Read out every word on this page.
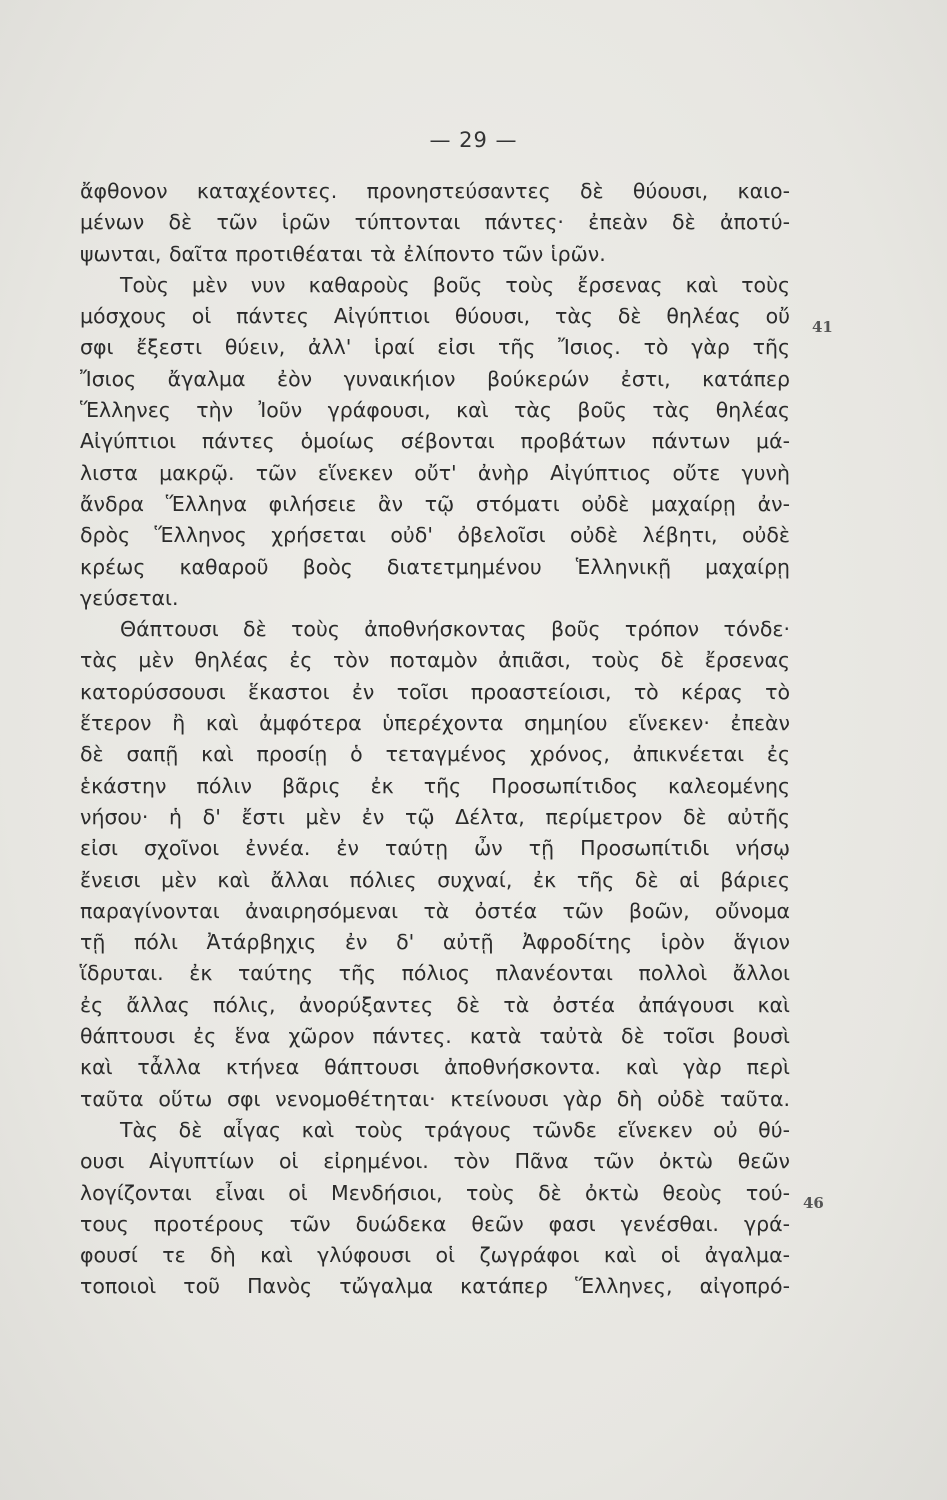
— 29 —
41
46
ἄφθονον καταχέοντες. προνηστεύσαντες δὲ θύουσι, καιο-
μένων δὲ τῶν ἱρῶν τύπτονται πάντες· ἐπεὰν δὲ ἀποτύ-
ψωνται, δαῖτα προτιθέαται τὰ ἐλίποντο τῶν ἱρῶν.
Τοὺς μὲν νυν καθαροὺς βοῦς τοὺς ἔρσενας καὶ τοὺς
μόσχους οἱ πάντες Αἰγύπτιοι θύουσι, τὰς δὲ θηλέας οὔ
σφι ἔξεστι θύειν, ἀλλ' ἱραί εἰσι τῆς Ἴσιος. τὸ γὰρ τῆς
Ἴσιος ἄγαλμα ἐὸν γυναικήιον βούκερών ἐστι, κατάπερ
Ἕλληνες τὴν Ἰοῦν γράφουσι, καὶ τὰς βοῦς τὰς θηλέας
Αἰγύπτιοι πάντες ὁμοίως σέβονται προβάτων πάντων μά-
λιστα μακρῷ. τῶν εἵνεκεν οὔτ' ἀνὴρ Αἰγύπτιος οὔτε γυνὴ
ἄνδρα Ἕλληνα φιλήσειε ἂν τῷ στόματι οὐδὲ μαχαίρῃ ἀν-
δρὸς Ἕλληνος χρήσεται οὐδ' ὀβελοῖσι οὐδὲ λέβητι, οὐδὲ
κρέως καθαροῦ βοὸς διατετμημένου Ἑλληνικῇ μαχαίρῃ
γεύσεται.
Θάπτουσι δὲ τοὺς ἀποθνήσκοντας βοῦς τρόπον τόνδε·
τὰς μὲν θηλέας ἐς τὸν ποταμὸν ἀπιᾶσι, τοὺς δὲ ἔρσενας
κατορύσσουσι ἕκαστοι ἐν τοῖσι προαστείοισι, τὸ κέρας τὸ
ἕτερον ἢ καὶ ἀμφότερα ὑπερέχοντα σημηίου εἵνεκεν· ἐπεὰν
δὲ σαπῇ καὶ προσίῃ ὁ τεταγμένος χρόνος, ἀπικνέεται ἐς
ἑκάστην πόλιν βᾶρις ἐκ τῆς Προσωπίτιδος καλεομένης
νήσου· ἡ δ' ἔστι μὲν ἐν τῷ Δέλτα, περίμετρον δὲ αὐτῆς
εἰσι σχοῖνοι ἐννέα. ἐν ταύτῃ ὦν τῇ Προσωπίτιδι νήσῳ
ἔνεισι μὲν καὶ ἄλλαι πόλιες συχναί, ἐκ τῆς δὲ αἱ βάριες
παραγίνονται ἀναιρησόμεναι τὰ ὀστέα τῶν βοῶν, οὔνομα
τῇ πόλι Ἀτάρβηχις ἐν δ' αὐτῇ Ἀφροδίτης ἱρὸν ἅγιον
ἵδρυται. ἐκ ταύτης τῆς πόλιος πλανέονται πολλοὶ ἄλλοι
ἐς ἄλλας πόλις, ἀνορύξαντες δὲ τὰ ὀστέα ἀπάγουσι καὶ
θάπτουσι ἐς ἕνα χῶρον πάντες. κατὰ ταὐτὰ δὲ τοῖσι βουσὶ
καὶ τἆλλα κτήνεα θάπτουσι ἀποθνήσκοντα. καὶ γὰρ περὶ
ταῦτα οὕτω σφι νενομοθέτηται· κτείνουσι γὰρ δὴ οὐδὲ ταῦτα.
Τὰς δὲ αἶγας καὶ τοὺς τράγους τῶνδε εἵνεκεν οὐ θύ-
ουσι Αἰγυπτίων οἱ εἰρημένοι. τὸν Πᾶνα τῶν ὀκτὼ θεῶν
λογίζονται εἶναι οἱ Μενδήσιοι, τοὺς δὲ ὀκτὼ θεοὺς τού-
τους προτέρους τῶν δυώδεκα θεῶν φασι γενέσθαι. γρά-
φουσί τε δὴ καὶ γλύφουσι οἱ ζωγράφοι καὶ οἱ ἀγαλμα-
τοποιοὶ τοῦ Πανὸς τὤγαλμα κατάπερ Ἕλληνες, αἰγοπρό-
